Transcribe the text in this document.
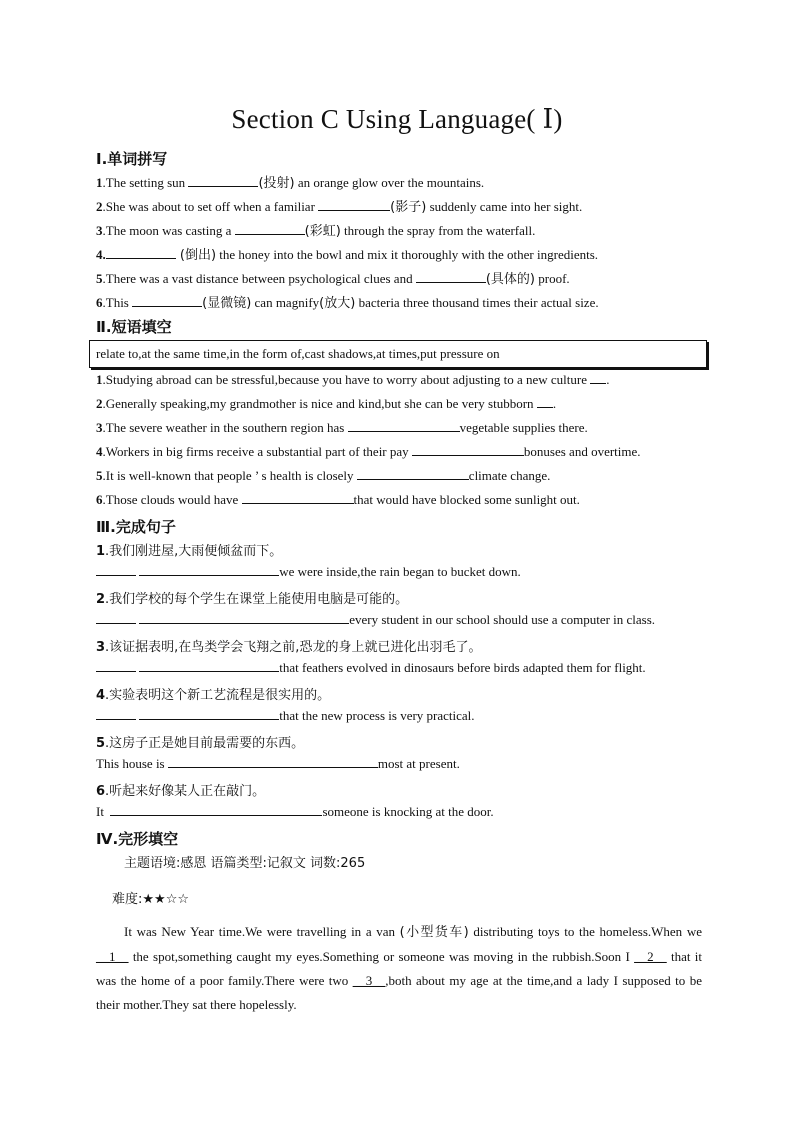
Section C Using Language( Ⅰ)
Ⅰ.单词拼写
1.The setting sun	(投射) an orange glow over the mountains.
2.She was about to set off when a familiar	(影子) suddenly came into her sight.
3.The moon was casting a	(彩虹) through the spray from the waterfall.
4.	(倒出) the honey into the bowl and mix it thoroughly with the other ingredients.
5.There was a vast distance between psychological clues and	(具体的) proof.
6.This	(显微镜) can magnify(放大) bacteria three thousand times their actual size.
Ⅱ.短语填空
relate to,at the same time,in the form of,cast shadows,at times,put pressure on
1.Studying abroad can be stressful,because you have to worry about adjusting to a new culture .
2.Generally speaking,my grandmother is nice and kind,but she can be very stubborn .
3.The severe weather in the southern region has	vegetable supplies there.
4.Workers in big firms receive a substantial part of their pay	bonuses and overtime.
5.It is well-known that people ’ s health is closely	climate change.
6.Those clouds would have	that would have blocked some sunlight out.
Ⅲ.完成句子
1.我们刚进屋,大雨便倾盆而下。
we were inside,the rain began to bucket down.
2.我们学校的每个学生在课堂上能使用电脑是可能的。
every student in our school should use a computer in class.
3.该证据表明,在鸟类学会飞翔之前,恐龙的身上就已进化出羽毛了。
that feathers evolved in dinosaurs before birds adapted them for flight.
4.实验表明这个新工艺流程是很实用的。
that the new process is very practical.
5.这房子正是她目前最需要的东西。
This house is	most at present.
6.听起来好像某人正在敲门。
It	someone is knocking at the door.
Ⅳ.完形填空
主题语境:感恩 语篇类型:记叙文 词数:265
难度:★★☆☆
It was New Year time.We were travelling in a van (小型货车) distributing toys to the homeless.When we __1__ the spot,something caught my eyes.Something or someone was moving in the rubbish.Soon I __2__ that it was the home of a poor family.There were two __3__,both about my age at the time,and a lady I supposed to be their mother.They sat there hopelessly.
